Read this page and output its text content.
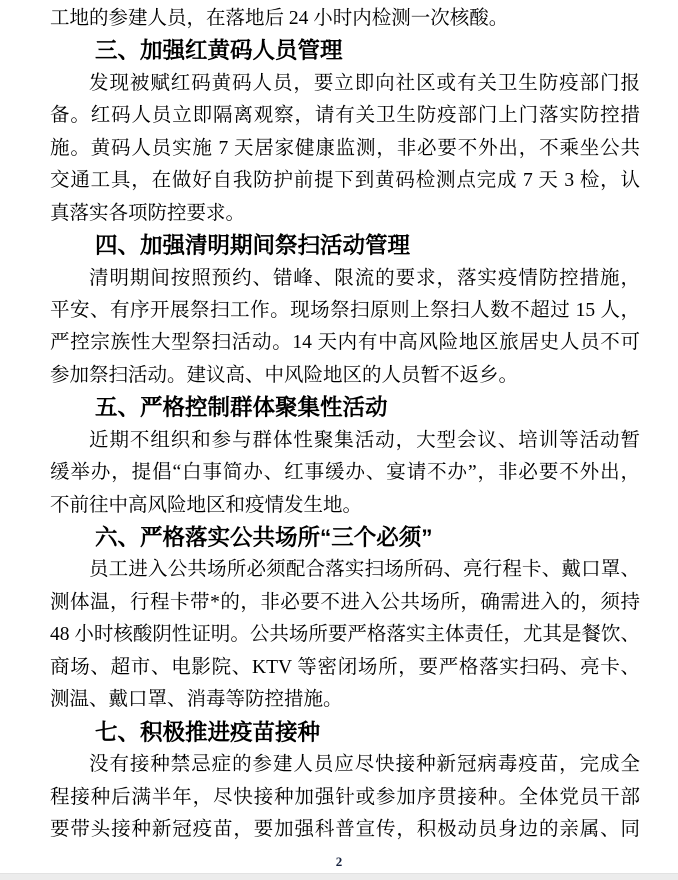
工地的参建人员，在落地后 24 小时内检测一次核酸。
三、加强红黄码人员管理
发现被赋红码黄码人员，要立即向社区或有关卫生防疫部门报
备。红码人员立即隔离观察，请有关卫生防疫部门上门落实防控措
施。黄码人员实施 7 天居家健康监测，非必要不外出，不乘坐公共
交通工具，在做好自我防护前提下到黄码检测点完成 7 天 3 检，认
真落实各项防控要求。
四、加强清明期间祭扫活动管理
清明期间按照预约、错峰、限流的要求，落实疫情防控措施，
平安、有序开展祭扫工作。现场祭扫原则上祭扫人数不超过 15 人，
严控宗族性大型祭扫活动。14 天内有中高风险地区旅居史人员不可
参加祭扫活动。建议高、中风险地区的人员暂不返乡。
五、严格控制群体聚集性活动
近期不组织和参与群体性聚集活动，大型会议、培训等活动暂
缓举办，提倡“白事简办、红事缓办、宴请不办”，非必要不外出，
不前往中高风险地区和疫情发生地。
六、严格落实公共场所“三个必须”
员工进入公共场所必须配合落实扫场所码、亮行程卡、戴口罩、
测体温，行程卡带*的，非必要不进入公共场所，确需进入的，须持
48 小时核酸阴性证明。公共场所要严格落实主体责任，尤其是餐饮、
商场、超市、电影院、KTV 等密闭场所，要严格落实扫码、亮卡、
测温、戴口罩、消毒等防控措施。
七、积极推进疫苗接种
没有接种禁忌症的参建人员应尽快接种新冠病毒疫苗，完成全
程接种后满半年，尽快接种加强针或参加序贯接种。全体党员干部
要带头接种新冠疫苗，要加强科普宣传，积极动员身边的亲属、同
2
